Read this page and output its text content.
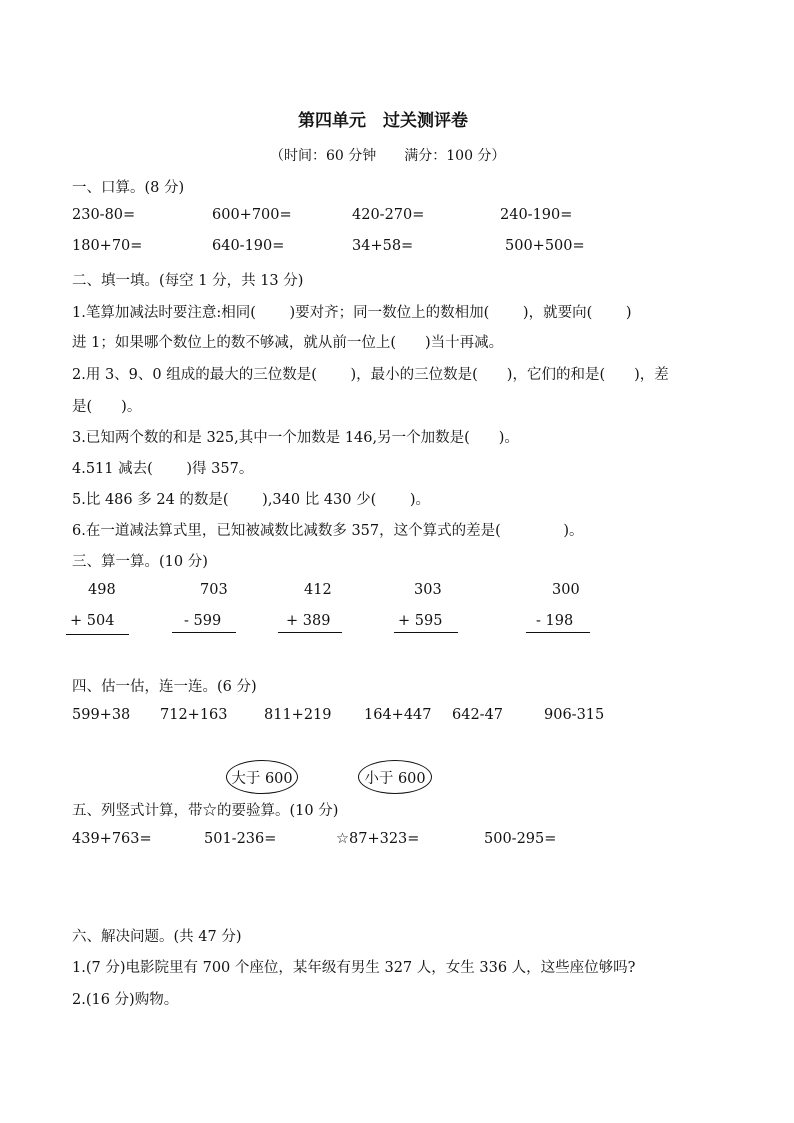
第四单元　过关测评卷
（时间：60 分钟　　满分：100 分）
一、口算。(8 分)
230-80=	600+700=	420-270=	240-190=
180+70=	640-190=	34+58=	500+500=
二、填一填。(每空 1 分，共 13 分)
1.笔算加减法时要注意:相同(　　 )要对齐；同一数位上的数相加(　　 )，就要向(　　 )
进 1；如果哪个数位上的数不够减，就从前一位上(　　)当十再减。
2.用 3、9、0 组成的最大的三位数是(　　 )，最小的三位数是(　　)，它们的和是(　　)，差
是(　　)。
3.已知两个数的和是 325,其中一个加数是 146,另一个加数是(　　)。
4.511 减去(　　 )得 357。
5.比 486 多 24 的数是(　　 ),340 比 430 少(　　 )。
6.在一道减法算式里，已知被减数比减数多 357，这个算式的差是(　　　　 )。
三、算一算。(10 分)
498
+ 504
703
- 599
412
+ 389
303
+ 595
300
- 198
四、估一估，连一连。(6 分)
599+38 712+163	811+219 164+447 642-47	906-315
大于 600	小于 600
五、列竖式计算，带☆的要验算。(10 分)
439+763=	501-236=	☆87+323=	500-295=
六、解决问题。(共 47 分)
1.(7 分)电影院里有 700 个座位，某年级有男生 327 人，女生 336 人，这些座位够吗?
2.(16 分)购物。
